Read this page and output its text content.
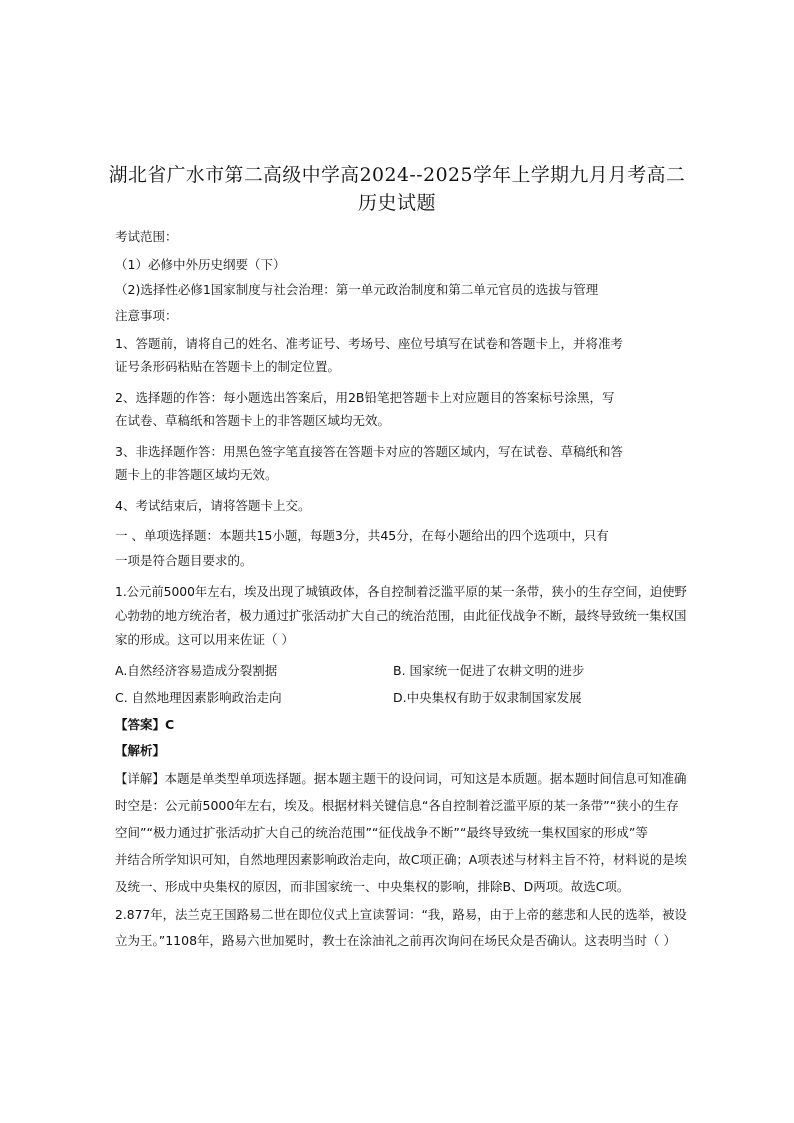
湖北省广水市第二高级中学高2024--2025学年上学期九月月考高二
历史试题
考试范围：
（1）必修中外历史纲要（下）
（2)选择性必修1国家制度与社会治理：第一单元政治制度和第二单元官员的选拔与管理
注意事项：
1、答题前，请将自己的姓名、准考证号、考场号、座位号填写在试卷和答题卡上，并将准考
证号条形码粘贴在答题卡上的制定位置。
2、选择题的作答：每小题选出答案后，用2B铅笔把答题卡上对应题目的答案标号涂黑，写
在试卷、草稿纸和答题卡上的非答题区域均无效。
3、非选择题作答：用黑色签字笔直接答在答题卡对应的答题区域内，写在试卷、草稿纸和答
题卡上的非答题区域均无效。
4、考试结束后，请将答题卡上交。
一 、单项选择题：本题共15小题，每题3分，共45分，在每小题给出的四个选项中，只有
一项是符合题目要求的。
1.公元前5000年左右，埃及出现了城镇政体，各自控制着泛滥平原的某一条带，狭小的生存空间，迫使野
心勃勃的地方统治者，极力通过扩张活动扩大自己的统治范围，由此征伐战争不断，最终导致统一集权国
家的形成。这可以用来佐证（ ）
A.自然经济容易造成分裂割据	B. 国家统一促进了农耕文明的进步
C. 自然地理因素影响政治走向	D.中央集权有助于奴隶制国家发展
【答案】C
【解析】
【详解】本题是单类型单项选择题。据本题主题干的设问词，可知这是本质题。据本题时间信息可知准确
时空是：公元前5000年左右，埃及。根据材料关键信息“各自控制着泛滥平原的某一条带”“狭小的生存
空间”“极力通过扩张活动扩大自己的统治范围”“征伐战争不断”“最终导致统一集权国家的形成”等
并结合所学知识可知，自然地理因素影响政治走向，故C项正确；A项表述与材料主旨不符，材料说的是埃
及统一、形成中央集权的原因，而非国家统一、中央集权的影响，排除B、D两项。故选C项。
2.877年，法兰克王国路易二世在即位仪式上宣读誓词：“我，路易，由于上帝的慈悲和人民的选举，被设
立为王。”1108年，路易六世加冕时，教士在涂油礼之前再次询问在场民众是否确认。这表明当时（ ）
